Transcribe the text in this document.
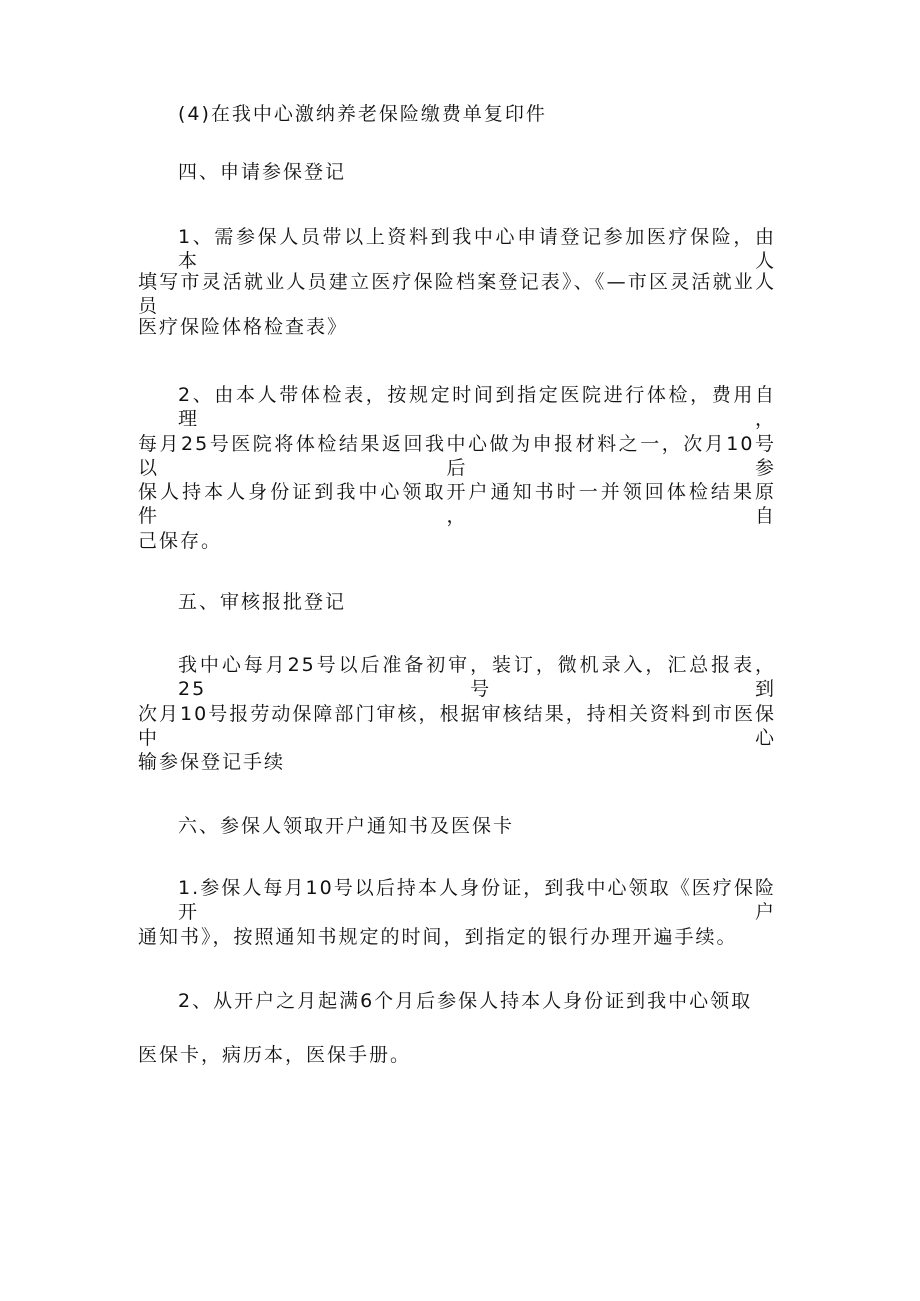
(4)在我中心激纳养老保险缴费单复印件
四、申请参保登记
1、需参保人员带以上资料到我中心申请登记参加医疗保险，由本人
填写市灵活就业人员建立医疗保险档案登记表》、《—市区灵活就业人员
医疗保险体格检查表》
2、由本人带体检表，按规定时间到指定医院进行体检，费用自理，
每月25号医院将体检结果返回我中心做为申报材料之一，次月10号以后参
保人持本人身份证到我中心领取开户通知书时一并领回体检结果原件，自
己保存。
五、审核报批登记
我中心每月25号以后准备初审，装订，微机录入，汇总报表，25号到
次月10号报劳动保障部门审核，根据审核结果，持相关资料到市医保中心
输参保登记手续
六、参保人领取开户通知书及医保卡
1.参保人每月10号以后持本人身份证，到我中心领取《医疗保险开户
通知书》，按照通知书规定的时间，到指定的银行办理开遍手续。
2、从开户之月起满6个月后参保人持本人身份证到我中心领取
医保卡，病历本，医保手册。
